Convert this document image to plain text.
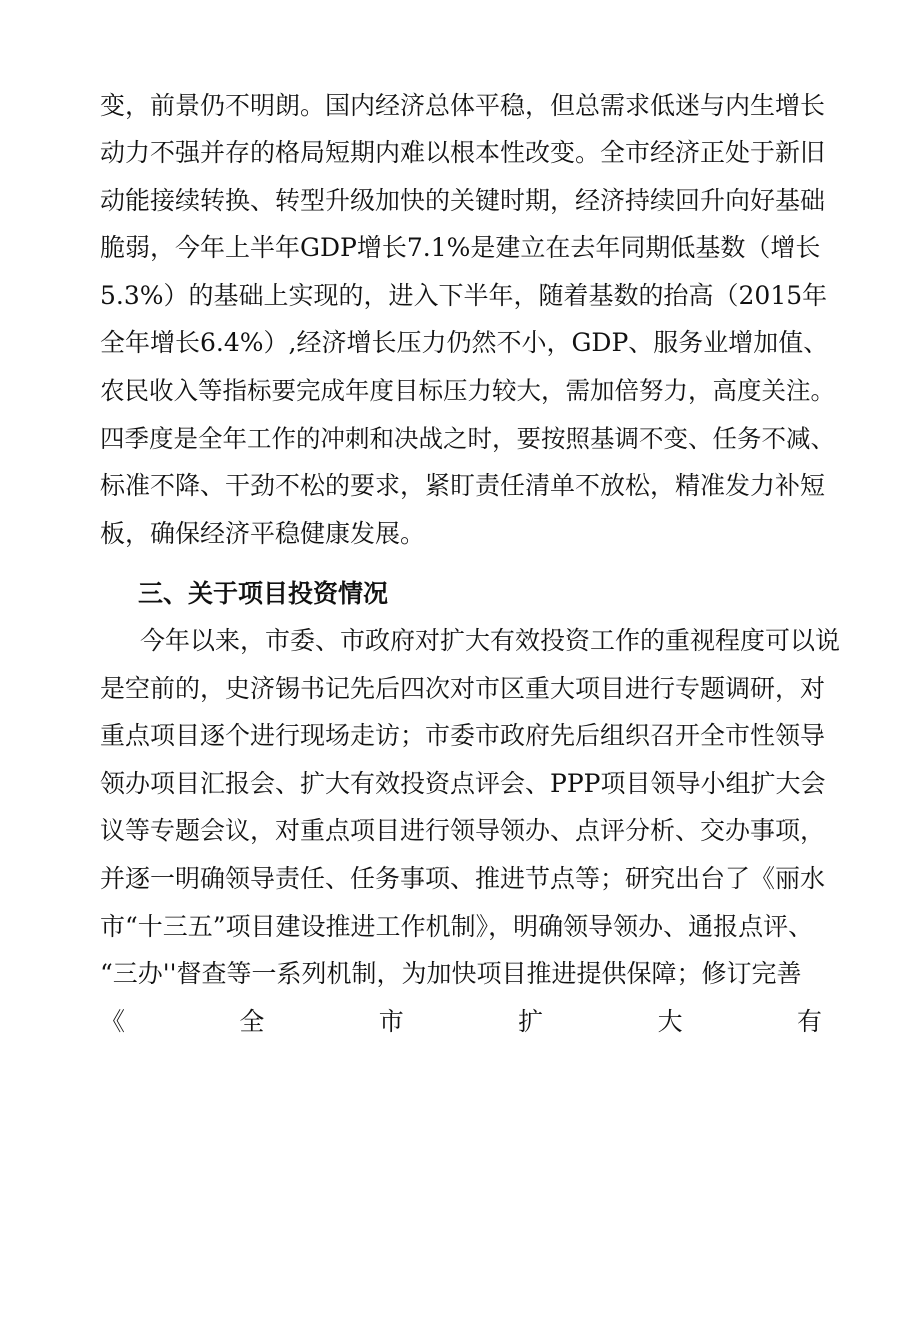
变，前景仍不明朗。国内经济总体平稳，但总需求低迷与内生增长
动力不强并存的格局短期内难以根本性改变。全市经济正处于新旧
动能接续转换、转型升级加快的关键时期，经济持续回升向好基础
脆弱，今年上半年GDP增长7.1%是建立在去年同期低基数（增长
5.3%）的基础上实现的，进入下半年，随着基数的抬高（2015年
全年增长6.4%）,经济增长压力仍然不小，GDP、服务业增加值、
农民收入等指标要完成年度目标压力较大，需加倍努力，高度关注。
四季度是全年工作的冲刺和决战之时，要按照基调不变、任务不减、
标准不降、干劲不松的要求，紧盯责任清单不放松，精准发力补短
板，确保经济平稳健康发展。
三、关于项目投资情况
今年以来，市委、市政府对扩大有效投资工作的重视程度可以说
是空前的，史济锡书记先后四次对市区重大项目进行专题调研，对
重点项目逐个进行现场走访；市委市政府先后组织召开全市性领导
领办项目汇报会、扩大有效投资点评会、PPP项目领导小组扩大会
议等专题会议，对重点项目进行领导领办、点评分析、交办事项，
并逐一明确领导责任、任务事项、推进节点等；研究出台了《丽水
市“十三五”项目建设推进工作机制》，明确领导领办、通报点评、
“三办''督查等一系列机制，为加快项目推进提供保障；修订完善
《	全	市	扩	大	有
